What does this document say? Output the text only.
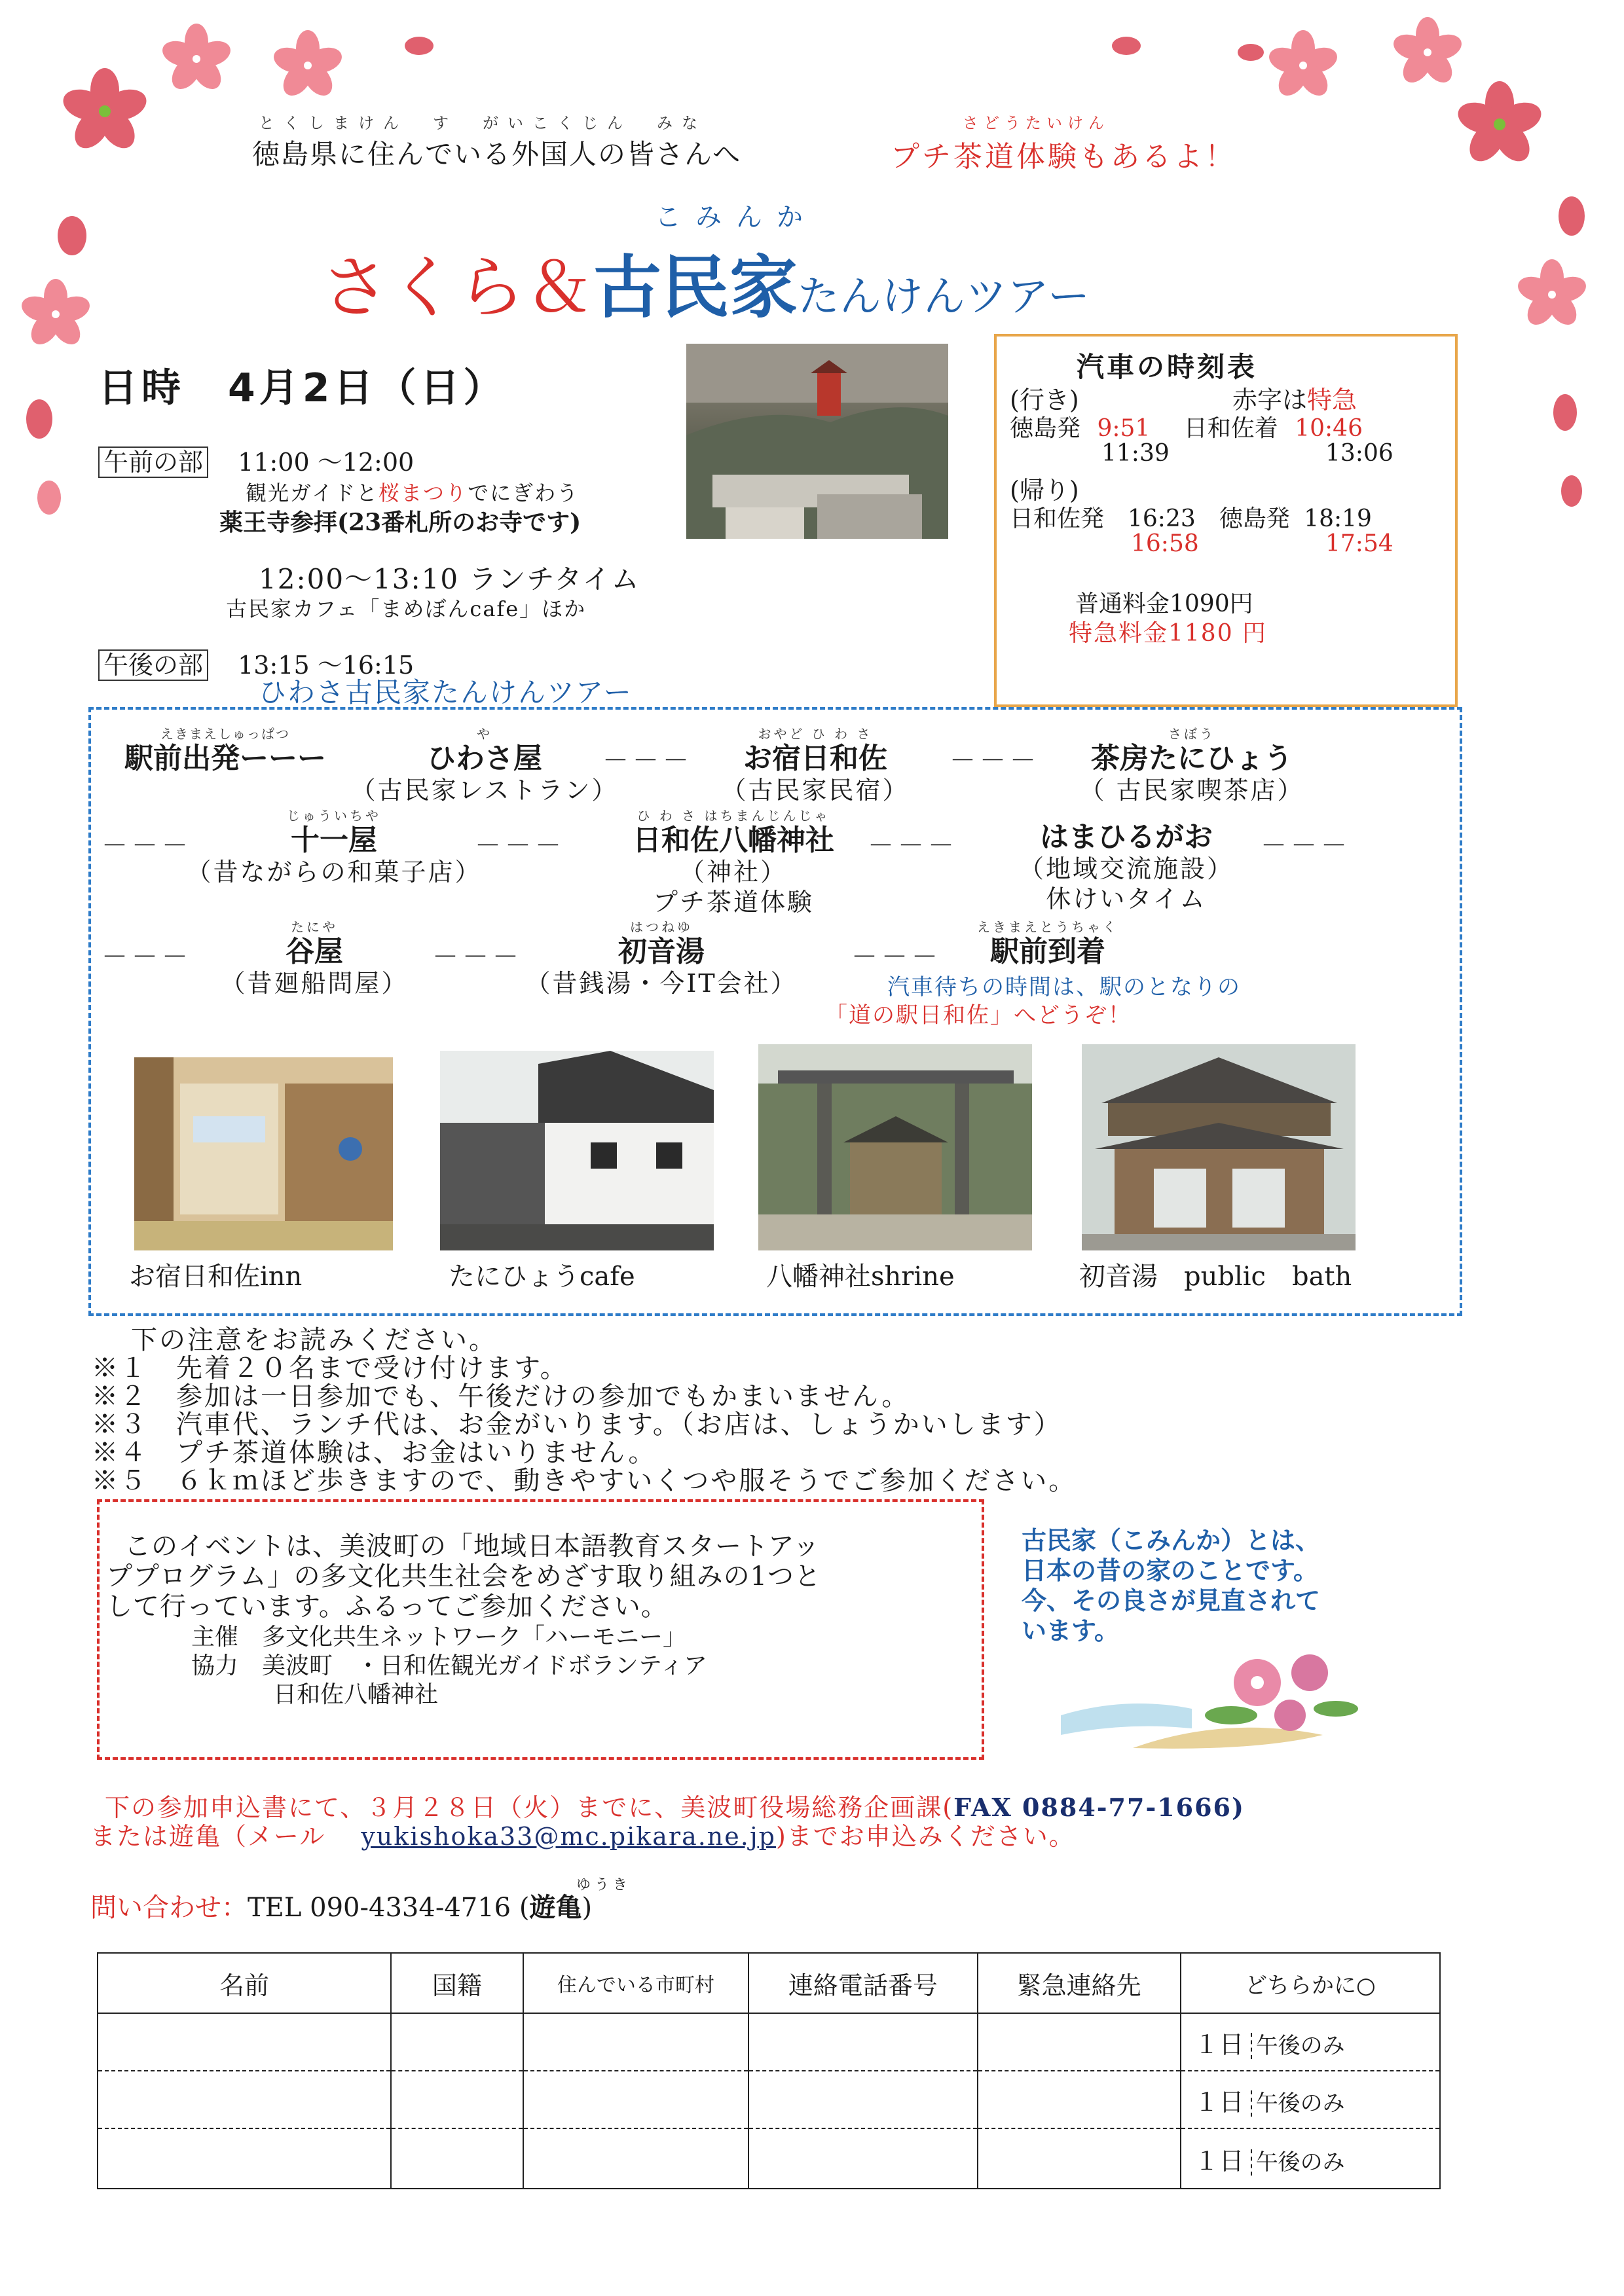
とくしまけん　す　がいこくじん　みな
徳島県に住んでいる外国人の皆さんへ
さどうたいけん
プチ茶道体験もあるよ！
こみんか
さくら＆古民家たんけんツアー
日時　4月2日（日）
午前の部 11:00 ～12:00
観光ガイドと桜まつりでにぎわう
薬王寺参拝(23番札所のお寺です)
12:00～13:10 ランチタイム
古民家カフェ「まめぼんcafe」ほか
午後の部 13:15 ～16:15
ひわさ古民家たんけんツアー
汽車の時刻表
(行き)	赤字は特急
徳島発 9:51 日和佐着 10:46
11:39	13:06
(帰り)
日和佐発　16:23　徳島発 18:19
16:58	17:54
普通料金1090円
特急料金1180 円
えきまえしゅっぱつ
駅前出発ーーー
や
ひわさ屋
（古民家レストラン）
－－－
おやど ひ わ さ
お宿日和佐
（古民家民宿）
－－－
さぼう
茶房たにひょう
（ 古民家喫茶店）
－－－
じゅういちや
十一屋
（昔ながらの和菓子店）
－－－
ひ わ さ はちまんじんじゃ
日和佐八幡神社
（神社）
プチ茶道体験
－－－
	はまひるがお
（地域交流施設）
休けいタイム
－－－
－－－
たにや
谷屋
（昔廻船問屋）
－－－
はつねゆ
初音湯
（昔銭湯・今IT会社）
－－－
えきまえとうちゃく
駅前到着
汽車待ちの時間は、駅のとなりの
「道の駅日和佐」へどうぞ！
お宿日和佐inn	たにひょうcafe	八幡神社shrine	初音湯　public　bath
下の注意をお読みください。
※１　先着２０名まで受け付けます。
※２　参加は一日参加でも、午後だけの参加でもかまいません。
※３　汽車代、ランチ代は、お金がいります。（お店は、しょうかいします）
※４　プチ茶道体験は、お金はいりません。
※５　６ｋｍほど歩きますので、動きやすいくつや服そうでご参加ください。
このイベントは、美波町の「地域日本語教育スタートアッ
ププログラム」の多文化共生社会をめざす取り組みの1つと
して行っています。ふるってご参加ください。
主催　多文化共生ネットワーク「ハーモニー」
協力　美波町　・日和佐観光ガイドボランティア
日和佐八幡神社
古民家（こみんか）とは、
日本の昔の家のことです。
今、その良さが見直されて
います。
下の参加申込書にて、３月２８日（火）までに、美波町役場総務企画課(FAX 0884-77-1666)
または遊亀（メール yukishoka33@mc.pikara.ne.jp)までお申込みください。
ゆうき
問い合わせ：TEL 090-4334-4716 (遊亀)
名前	国籍	住んでいる市町村	連絡電話番号	緊急連絡先	どちらかに○
					１日 午後のみ
					１日 午後のみ
					１日 午後のみ
